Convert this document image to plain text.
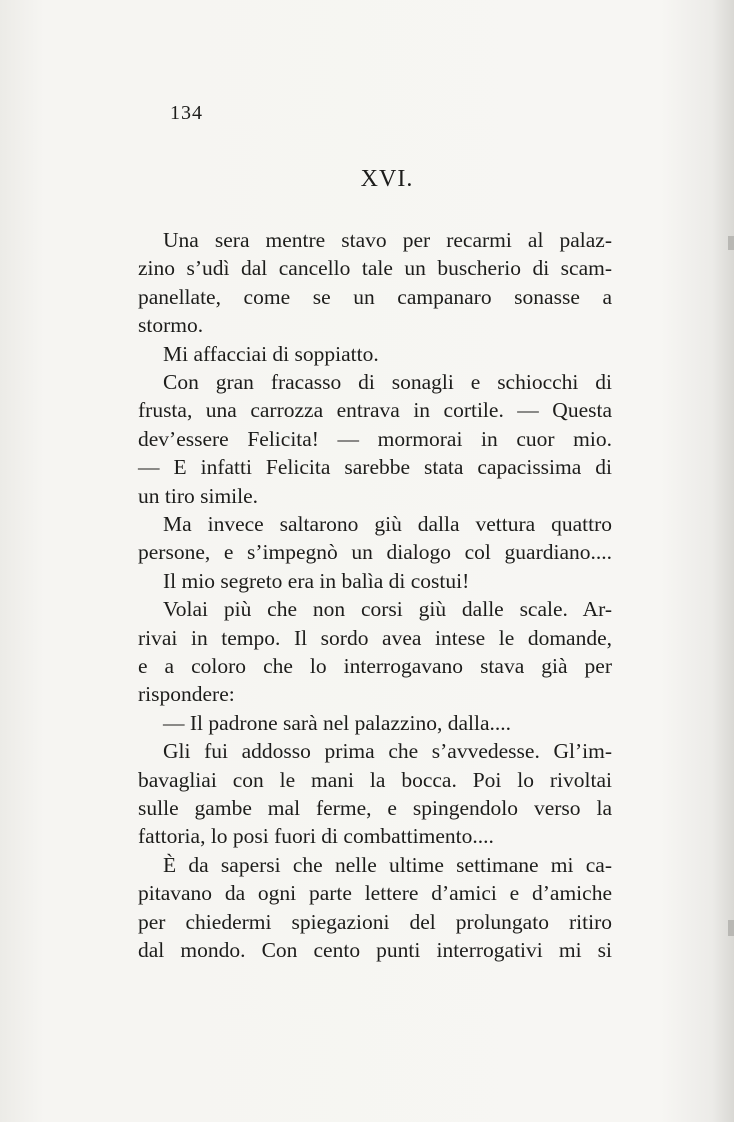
134
XVI.
Una sera mentre stavo per recarmi al palaz-
zino s’udì dal cancello tale un buscherio di scam-
panellate, come se un campanaro sonasse a
stormo.
Mi affacciai di soppiatto.
Con gran fracasso di sonagli e schiocchi di
frusta, una carrozza entrava in cortile. — Questa
dev’essere Felicita! — mormorai in cuor mio.
— E infatti Felicita sarebbe stata capacissima di
un tiro simile.
Ma invece saltarono giù dalla vettura quattro
persone, e s’impegnò un dialogo col guardiano....
Il mio segreto era in balìa di costui!
Volai più che non corsi giù dalle scale. Ar-
rivai in tempo. Il sordo avea intese le domande,
e a coloro che lo interrogavano stava già per
rispondere:
— Il padrone sarà nel palazzino, dalla....
Gli fui addosso prima che s’avvedesse. Gl’im-
bavagliai con le mani la bocca. Poi lo rivoltai
sulle gambe mal ferme, e spingendolo verso la
fattoria, lo posi fuori di combattimento....
È da sapersi che nelle ultime settimane mi ca-
pitavano da ogni parte lettere d’amici e d’amiche
per chiedermi spiegazioni del prolungato ritiro
dal mondo. Con cento punti interrogativi mi si
